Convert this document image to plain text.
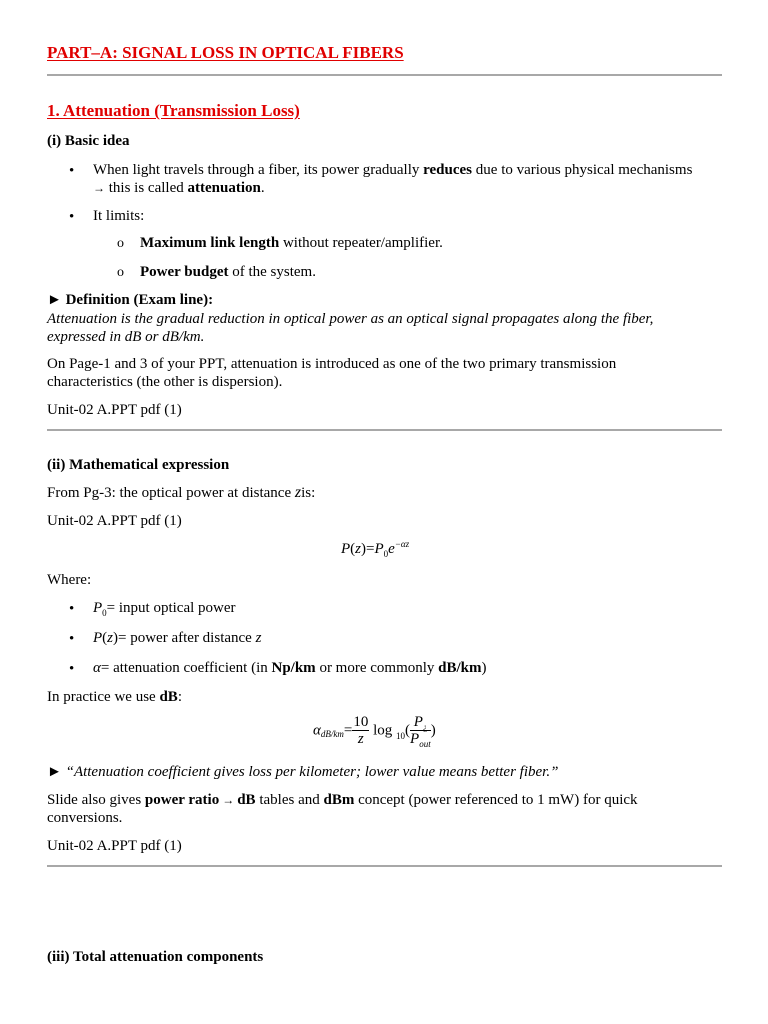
PART–A: SIGNAL LOSS IN OPTICAL FIBERS
1. Attenuation (Transmission Loss)
(i) Basic idea
• When light travels through a fiber, its power gradually reduces due to various physical mechanisms
→ this is called attenuation.
• It limits:
o Maximum link length without repeater/amplifier.
o Power budget of the system.
► Definition (Exam line):
Attenuation is the gradual reduction in optical power as an optical signal propagates along the fiber,
expressed in dB or dB/km.
On Page-1 and 3 of your PPT, attenuation is introduced as one of the two primary transmission
characteristics (the other is dispersion).
Unit-02 A.PPT pdf (1)
(ii) Mathematical expression
From Pg-3: the optical power at distance zis:
Unit-02 A.PPT pdf (1)
$P(z)=P_0e^{-\alpha z}$
Where:
• $P_0=$ input optical power
• P(z)= power after distance z
• α= attenuation coefficient (in Np/km or more commonly dB/km)
In practice we use dB:
$\alpha_{dB/km}= \frac{10}{z}$ $\log _{10}( \frac{P_¿}{P_{out}}$ )
► “Attenuation coefficient gives loss per kilometer; lower value means better fiber.”
Slide also gives power ratio → dB tables and dBm concept (power referenced to 1 mW) for quick
conversions.
Unit-02 A.PPT pdf (1)
(iii) Total attenuation components
